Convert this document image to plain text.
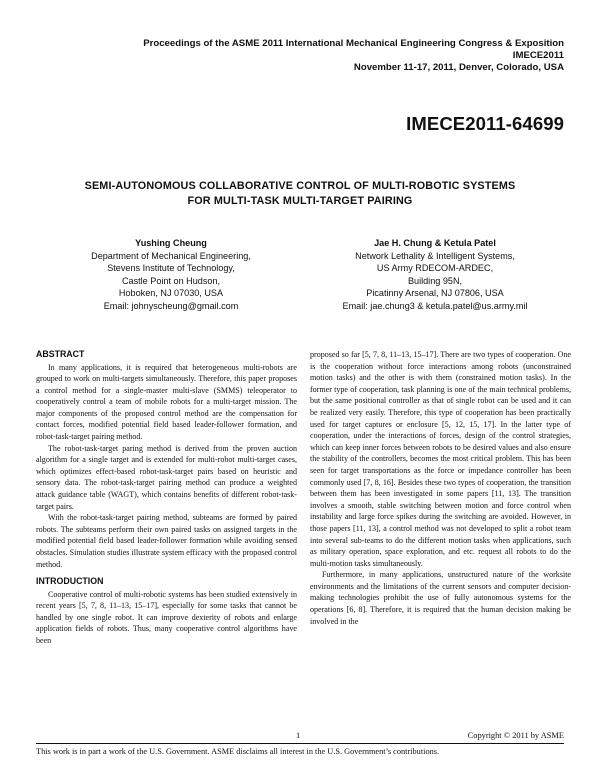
Proceedings of the ASME 2011 International Mechanical Engineering Congress & Exposition
IMECE2011
November 11-17, 2011, Denver, Colorado, USA
IMECE2011-64699
SEMI-AUTONOMOUS COLLABORATIVE CONTROL OF MULTI-ROBOTIC SYSTEMS
FOR MULTI-TASK MULTI-TARGET PAIRING
Yushing Cheung
Department of Mechanical Engineering,
Stevens Institute of Technology,
Castle Point on Hudson,
Hoboken, NJ 07030, USA
Email: johnyscheung@gmail.com
Jae H. Chung & Ketula Patel
Network Lethality & Intelligent Systems,
US Army RDECOM-ARDEC,
Building 95N,
Picatinny Arsenal, NJ 07806, USA
Email: jae.chung3 & ketula.patel@us.army.mil
ABSTRACT

In many applications, it is required that heterogeneous multi-robots are grouped to work on multi-targets simultaneously. Therefore, this paper proposes a control method for a single-master multi-slave (SMMS) teleoperator to cooperatively control a team of mobile robots for a multi-target mission. The major components of the proposed control method are the compensation for contact forces, modified potential field based leader-follower formation, and robot-task-target pairing method.

The robot-task-target paring method is derived from the proven auction algorithm for a single target and is extended for multi-robot multi-target cases, which optimizes effect-based robot-task-target pairs based on heuristic and sensory data. The robot-task-target pairing method can produce a weighted attack guidance table (WAGT), which contains benefits of different robot-task-target pairs.

With the robot-task-target pairing method, subteams are formed by paired robots. The subteams perform their own paired tasks on assigned targets in the modified potential field based leader-follower formation while avoiding sensed obstacles. Simulation studies illustrate system efficacy with the proposed control method.

INTRODUCTION

Cooperative control of multi-robotic systems has been studied extensively in recent years [5, 7, 8, 11–13, 15–17], especially for some tasks that cannot be handled by one single robot. It can improve dexterity of robots and enlarge application fields of robots. Thus, many cooperative control algorithms have been

proposed so far [5, 7, 8, 11–13, 15–17]. There are two types of cooperation. One is the cooperation without force interactions among robots (unconstrained motion tasks) and the other is with them (constrained motion tasks). In the former type of cooperation, task planning is one of the main technical problems, but the same positional controller as that of single robot can be used and it can be realized very easily. Therefore, this type of cooperation has been practically used for target captures or enclosure [5, 12, 15, 17]. In the latter type of cooperation, under the interactions of forces, design of the control strategies, which can keep inner forces between robots to be desired values and also ensure the stability of the controllers, becomes the most critical problem. This has been seen for target transportations as the force or impedance controller has been commonly used [7, 8, 16]. Besides these two types of cooperation, the transition between them has been investigated in some papers [11, 13]. The transition involves a smooth, stable switching between motion and force control when instability and large force spikes during the switching are avoided. However, in those papers [11, 13], a control method was not developed to split a robot team into several sub-teams to do the different motion tasks when applications, such as military operation, space exploration, and etc. request all robots to do the multi-motion tasks simultaneously.

Furthermore, in many applications, unstructured nature of the worksite environments and the limitations of the current sensors and computer decision-making technologies prohibit the use of fully autonomous systems for the operations [6, 8]. Therefore, it is required that the human decision making be involved in the

1	Copyright © 2011 by ASME
This work is in part a work of the U.S. Government. ASME disclaims all interest in the U.S. Government’s contributions.
